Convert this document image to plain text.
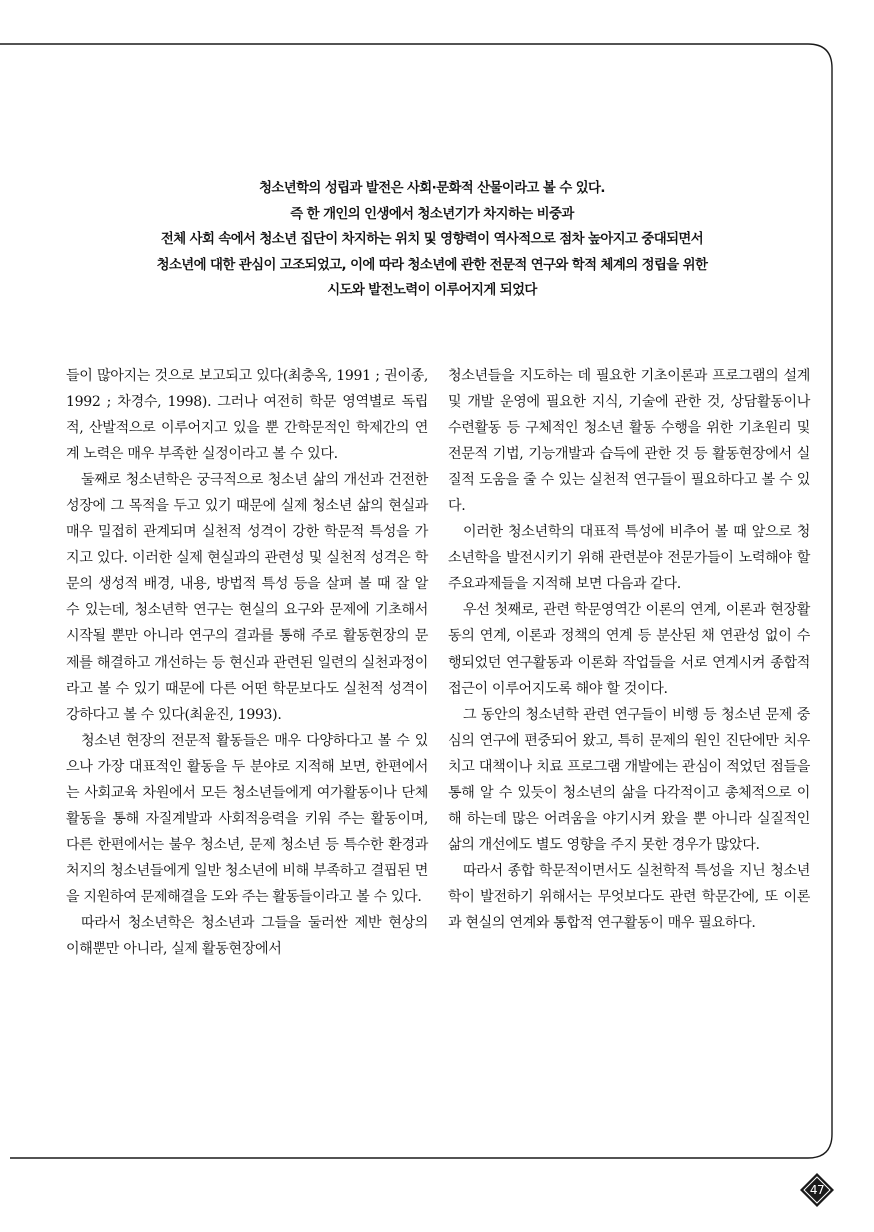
청소년학의 성립과 발전은 사회·문화적 산물이라고 볼 수 있다.
즉 한 개인의 인생에서 청소년기가 차지하는 비중과
전체 사회 속에서 청소년 집단이 차지하는 위치 및 영향력이 역사적으로 점차 높아지고 중대되면서
청소년에 대한 관심이 고조되었고, 이에 따라 청소년에 관한 전문적 연구와 학적 체계의 정립을 위한
시도와 발전노력이 이루어지게 되었다

들이 많아지는 것으로 보고되고 있다(최충옥, 1991 ; 권이종, 1992 ; 차경수, 1998). 그러나 여전히 학문 영역별로 독립적, 산발적으로 이루어지고 있을 뿐 간학문적인 학제간의 연계 노력은 매우 부족한 실정이라고 볼 수 있다.

둘째로 청소년학은 궁극적으로 청소년 삶의 개선과 건전한 성장에 그 목적을 두고 있기 때문에 실제 청소년 삶의 현실과 매우 밀접히 관계되며 실천적 성격이 강한 학문적 특성을 가지고 있다. 이러한 실제 현실과의 관련성 및 실천적 성격은 학문의 생성적 배경, 내용, 방법적 특성 등을 살펴 볼 때 잘 알 수 있는데, 청소년학 연구는 현실의 요구와 문제에 기초해서 시작될 뿐만 아니라 연구의 결과를 통해 주로 활동현장의 문제를 해결하고 개선하는 등 현신과 관련된 일련의 실천과정이라고 볼 수 있기 때문에 다른 어떤 학문보다도 실천적 성격이 강하다고 볼 수 있다(최윤진, 1993).

청소년 현장의 전문적 활동들은 매우 다양하다고 볼 수 있으나 가장 대표적인 활동을 두 분야로 지적해 보면, 한편에서는 사회교육 차원에서 모든 청소년들에게 여가활동이나 단체활동을 통해 자질계발과 사회적응력을 키워 주는 활동이며, 다른 한편에서는 불우 청소년, 문제 청소년 등 특수한 환경과 처지의 청소년들에게 일반 청소년에 비해 부족하고 결핍된 면을 지원하여 문제해결을 도와 주는 활동들이라고 볼 수 있다.

따라서 청소년학은 청소년과 그들을 둘러싼 제반 현상의 이해뿐만 아니라, 실제 활동현장에서

청소년들을 지도하는 데 필요한 기초이론과 프로그램의 설계 및 개발 운영에 필요한 지식, 기술에 관한 것, 상담활동이나 수련활동 등 구체적인 청소년 활동 수행을 위한 기초원리 및 전문적 기법, 기능개발과 습득에 관한 것 등 활동현장에서 실질적 도움을 줄 수 있는 실천적 연구들이 필요하다고 볼 수 있다.

이러한 청소년학의 대표적 특성에 비추어 볼 때 앞으로 청소년학을 발전시키기 위해 관련분야 전문가들이 노력해야 할 주요과제들을 지적해 보면 다음과 같다.

우선 첫째로, 관련 학문영역간 이론의 연계, 이론과 현장활동의 연계, 이론과 정책의 연계 등 분산된 채 연관성 없이 수행되었던 연구활동과 이론화 작업들을 서로 연계시켜 종합적 접근이 이루어지도록 해야 할 것이다.

그 동안의 청소년학 관련 연구들이 비행 등 청소년 문제 중심의 연구에 편중되어 왔고, 특히 문제의 원인 진단에만 치우치고 대책이나 치료 프로그램 개발에는 관심이 적었던 점들을 통해 알 수 있듯이 청소년의 삶을 다각적이고 총체적으로 이해 하는데 많은 어려움을 야기시켜 왔을 뿐 아니라 실질적인 삶의 개선에도 별도 영향을 주지 못한 경우가 많았다.

따라서 종합 학문적이면서도 실천학적 특성을 지닌 청소년학이 발전하기 위해서는 무엇보다도 관련 학문간에, 또 이론과 현실의 연계와 통합적 연구활동이 매우 필요하다.

47
